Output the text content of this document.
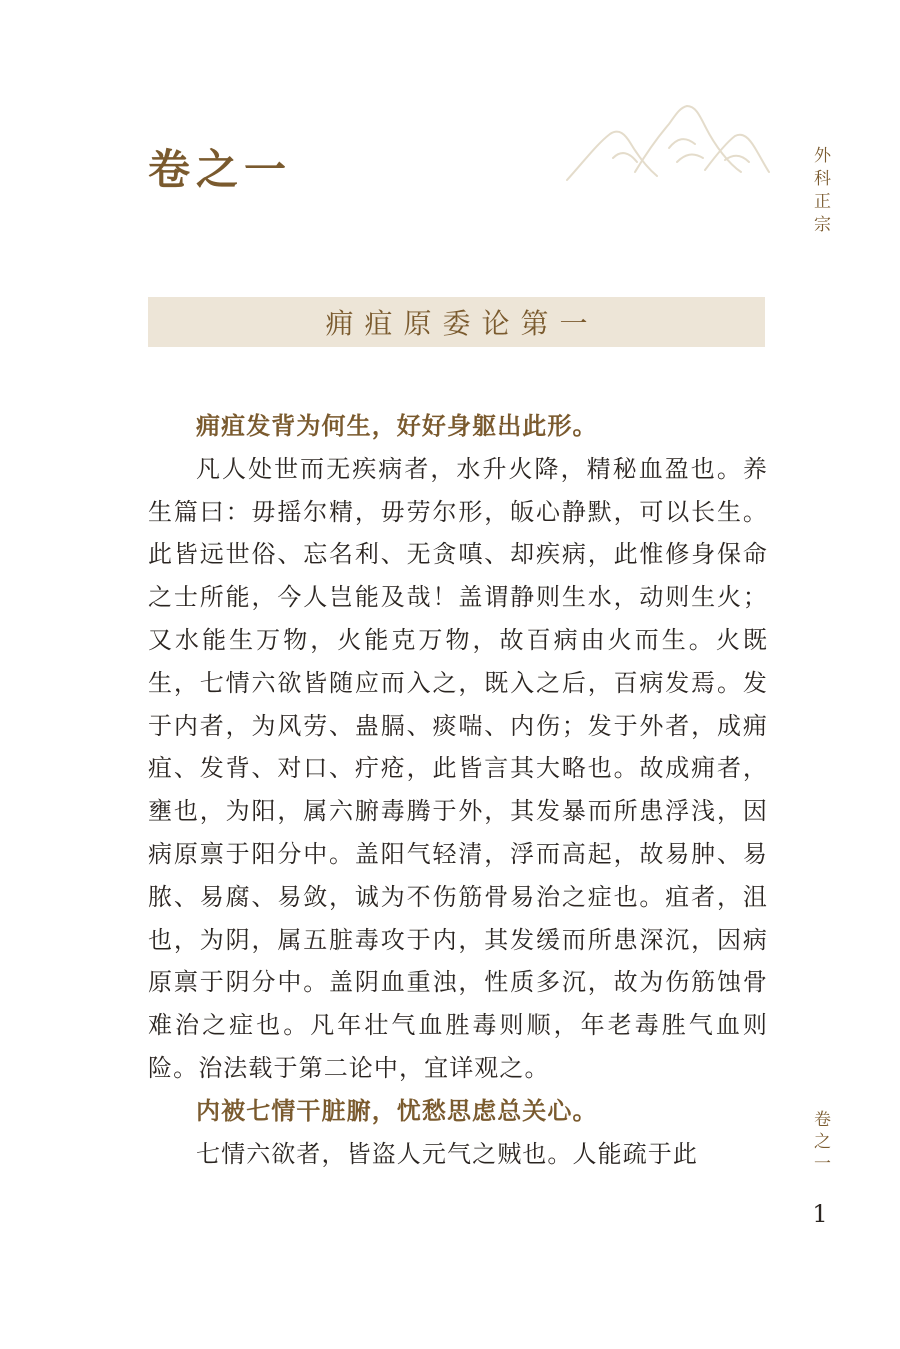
卷之一	外科正宗
痈疽原委论第一

痈疽发背为何生，好好身躯出此形。

凡人处世而无疾病者，水升火降，精秘血盈也。养生篇曰：毋摇尔精，毋劳尔形，皈心静默，可以长生。此皆远世俗、忘名利、无贪嗔、却疾病，此惟修身保命之士所能，今人岂能及哉！盖谓静则生水，动则生火；又水能生万物，火能克万物，故百病由火而生。火既生，七情六欲皆随应而入之，既入之后，百病发焉。发于内者，为风劳、蛊膈、痰喘、内伤；发于外者，成痈疽、发背、对口、疔疮，此皆言其大略也。故成痈者，壅也，为阳，属六腑毒腾于外，其发暴而所患浮浅，因病原禀于阳分中。盖阳气轻清，浮而高起，故易肿、易脓、易腐、易敛，诚为不伤筋骨易治之症也。疽者，沮也，为阴，属五脏毒攻于内，其发缓而所患深沉，因病原禀于阴分中。盖阴血重浊，性质多沉，故为伤筋蚀骨难治之症也。凡年壮气血胜毒则顺，年老毒胜气血则险。治法载于第二论中，宜详观之。

内被七情干脏腑，忧愁思虑总关心。

七情六欲者，皆盗人元气之贼也。人能疏于此	卷之一
1
